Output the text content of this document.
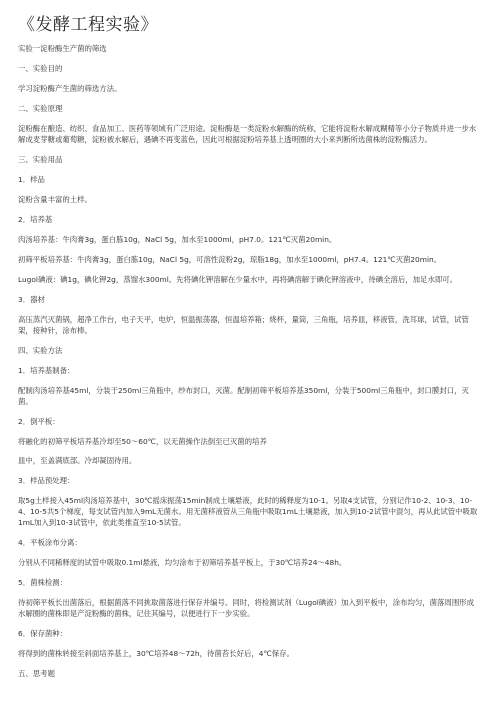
《发酵工程实验》

实验一淀粉酶生产菌的筛选

一、实验目的

学习淀粉酶产生菌的筛选方法。

二、实验原理

淀粉酶在酿造、纺织、食品加工、医药等领域有广泛用途。淀粉酶是一类淀粉水解酶的统称，它能将淀粉水解成糊精等小分子物质并进一步水解成麦芽糖或葡萄糖，淀粉被水解后，遇碘不再变蓝色，因此可根据淀粉培养基上透明圈的大小来判断所选菌株的淀粉酶活力。

三、实验用品

1．样品

淀粉含量丰富的土样。

2．培养基

肉汤培养基：牛肉膏3g，蛋白胨10g，NaCl 5g，加水至1000ml，pH7.0。121℃灭菌20min。

初筛平板培养基：牛肉膏3g，蛋白胨10g，NaCl 5g，可溶性淀粉2g，琼脂18g，加水至1000ml，pH7.4。121℃灭菌20min。

Lugol碘液：碘1g，碘化钾2g，蒸馏水300ml。先将碘化钾溶解在少量水中，再将碘溶解于碘化钾溶液中，待碘全溶后，加足水即可。

3．器材

高压蒸汽灭菌锅，超净工作台，电子天平，电炉，恒温振荡器，恒温培养箱；烧杯，量筒，三角瓶，培养皿，移液管，洗耳球，试管，试管架，接种针，涂布棒。

四、实验方法

1．培养基制备：

配制肉汤培养基45ml，分装于250ml三角瓶中，纱布封口，灭菌。配制初筛平板培养基350ml，分装于500ml三角瓶中，封口膜封口，灭菌。

2．倒平板：

将融化的初筛平板培养基冷却至50～60℃，以无菌操作法倒至已灭菌的培养

皿中，至盖满底部。冷却凝固待用。

3．样品预处理：

取5g土样接入45ml肉汤培养基中，30℃摇床振荡15min制成土壤悬液，此时的稀释度为10-1。另取4支试管，分别记作10-2、10-3、10-4、10-5共5个梯度，每支试管内加入9mL无菌水。用无菌移液管从三角瓶中吸取1mL土壤悬液，加入到10-2试管中混匀，再从此试管中吸取1mL加入到10-3试管中，依此类推直至10-5试管。

4．平板涂布分离：

分别从不同稀释度的试管中吸取0.1ml悬液，均匀涂布于初筛培养基平板上，于30℃培养24～48h。

5．菌株检测：

待初筛平板长出菌落后，根据菌落不同挑取菌落进行保存并编号。同时，将检测试剂（Lugol碘液）加入到平板中，涂布均匀，菌落周围形成水解圈的菌株即是产淀粉酶的菌株，记住其编号，以便进行下一步实验。

6．保存菌种：

将得到的菌株转接至斜面培养基上，30℃培养48～72h，待菌苔长好后，4℃保存。

五、思考题
